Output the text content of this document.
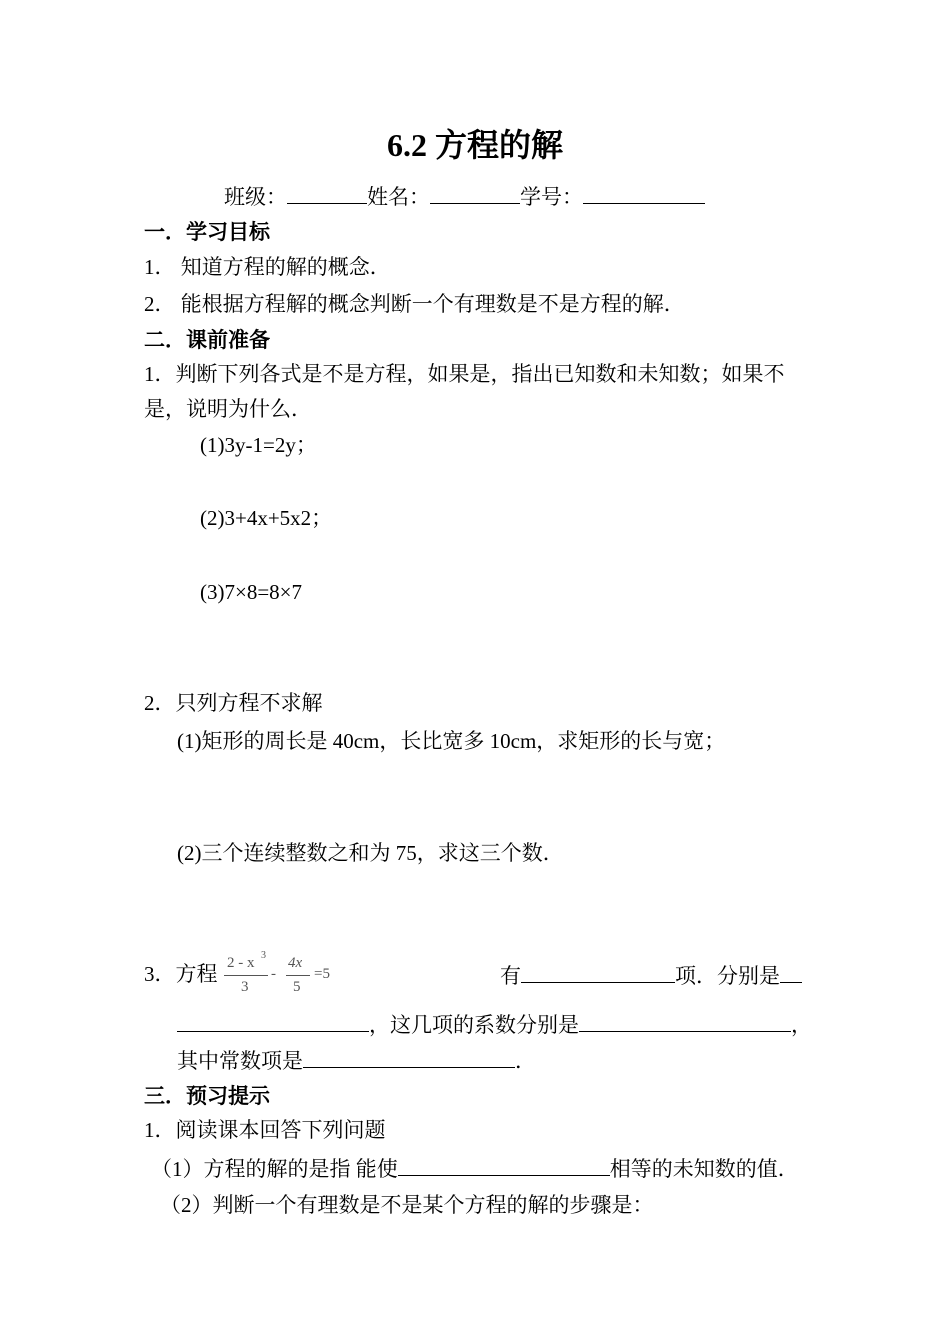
6.2 方程的解
班级：	姓名：	学号：
一．学习目标
1． 知道方程的解的概念．
2． 能根据方程解的概念判断一个有理数是不是方程的解．
二．课前准备
1．判断下列各式是不是方程，如果是，指出已知数和未知数；如果不
是，说明为什么．
(1)3y-1=2y；
(2)3+4x+5x2；
(3)7×8=8×7
2．只列方程不求解
(1)矩形的周长是 40cm，长比宽多 10cm，求矩形的长与宽；
(2)三个连续整数之和为 75，求这三个数．
3．方程 2 - x 3
3
-
4x
5
=5	有	项．分别是
，这几项的系数分别是	，
其中常数项是	．
三．预习提示
1．阅读课本回答下列问题
（1）方程的解的是指 能使	相等的未知数的值．
（2）判断一个有理数是不是某个方程的解的步骤是：
